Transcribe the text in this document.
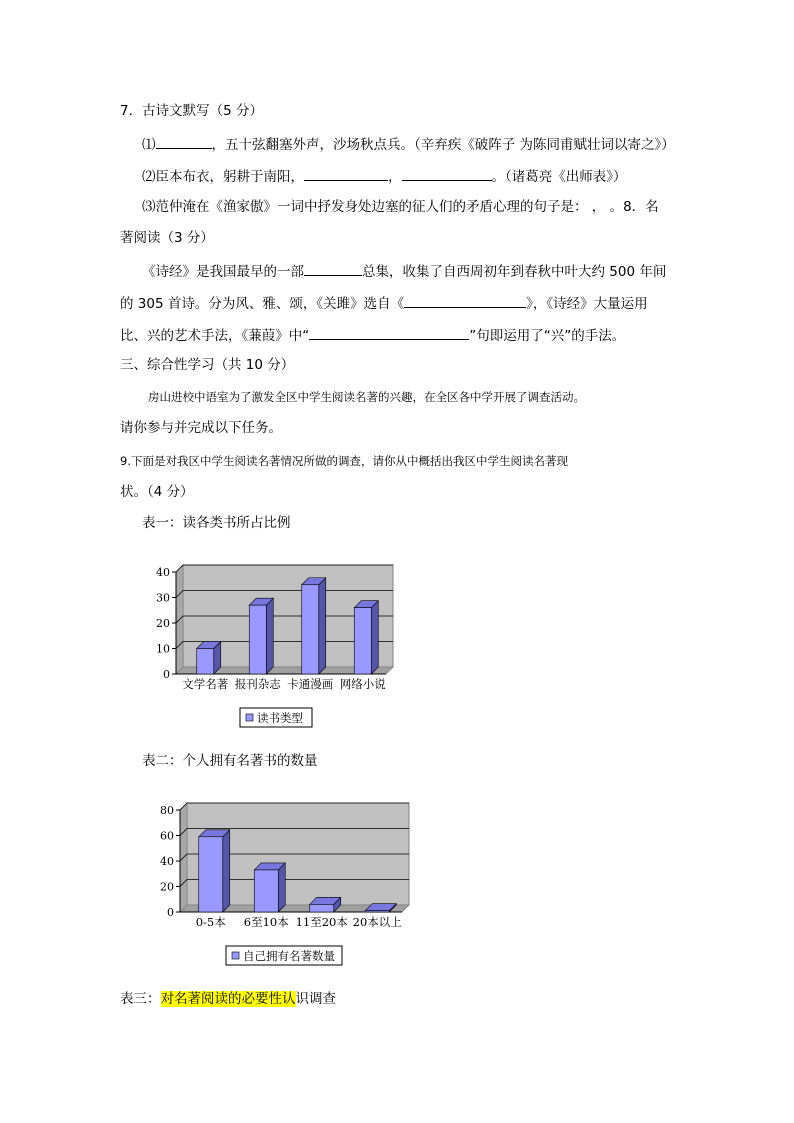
7．古诗文默写（5 分）
⑴	，五十弦翻塞外声，沙场秋点兵。（辛弃疾《破阵子 为陈同甫赋壮词以寄之》）
⑵臣本布衣，躬耕于南阳，	，	。（诸葛亮《出师表》）
⑶范仲淹在《渔家傲》一词中抒发身处边塞的征人们的矛盾心理的句子是： ， 。8．名
著阅读（3 分）
《诗经》是我国最早的一部	总集，收集了自西周初年到春秋中叶大约 500 年间
的 305 首诗。分为风、雅、颂，《关雎》选自《	》，《诗经》大量运用
比、兴的艺术手法，《蒹葭》中“	”句即运用了“兴”的手法。
三、综合性学习（共 10 分）
房山进校中语室为了激发全区中学生阅读名著的兴趣，在全区各中学开展了调查活动。
请你参与并完成以下任务。
9.下面是对我区中学生阅读名著情况所做的调查，请你从中概括出我区中学生阅读名著现
状。（4 分）
表一：读各类书所占比例
0
10
20
30
40
文学名著 报刊杂志 卡通漫画 网络小说
读书类型
表二：个人拥有名著书的数量
0
20
40
60
80
0-5本 6至10本 11至20本 20本以上
自己拥有名著数量
表三：对名著阅读的必要性认识调查
